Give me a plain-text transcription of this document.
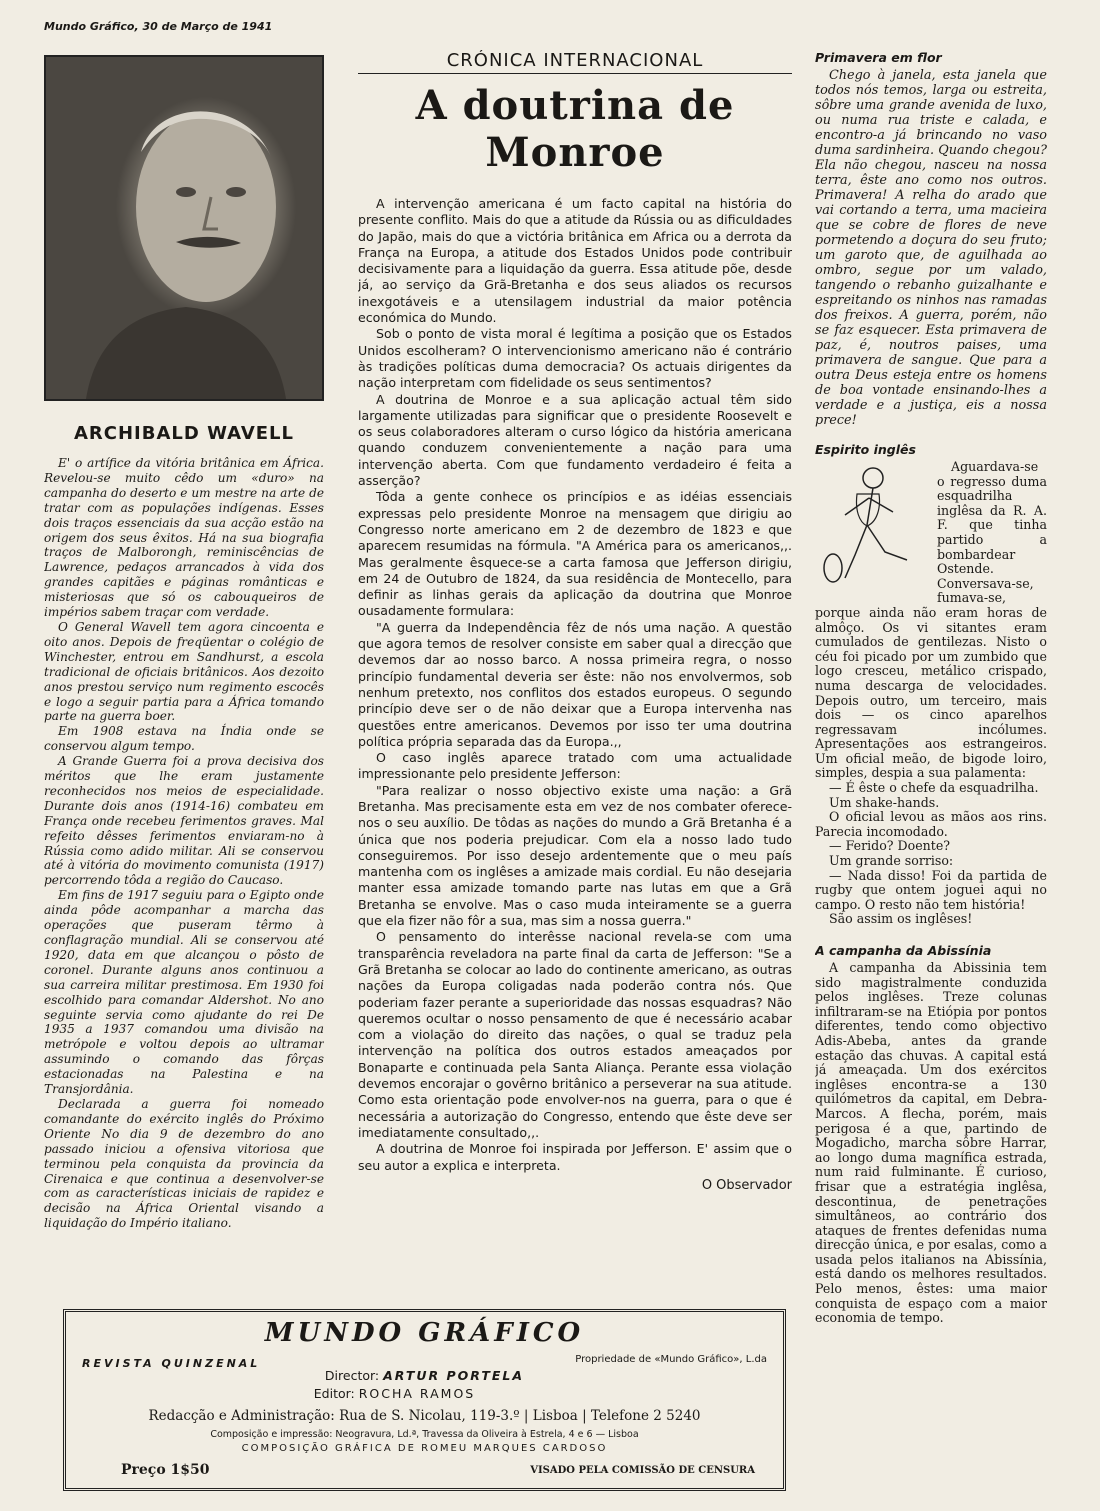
Mundo Gráfico, 30 de Março de 1941
ARCHIBALD WAVELL

E' o artífice da vitória britânica em África. Revelou-se muito cêdo um «duro» na campanha do deserto e um mestre na arte de tratar com as populações indígenas. Esses dois traços essenciais da sua acção estão na origem dos seus êxitos. Há na sua biografia traços de Malborongh, reminiscências de Lawrence, pedaços arrancados à vida dos grandes capitães e páginas românticas e misteriosas que só os cabouqueiros de impérios sabem traçar com verdade.

O General Wavell tem agora cincoenta e oito anos. Depois de freqüentar o colégio de Winchester, entrou em Sandhurst, a escola tradicional de oficiais britânicos. Aos dezoito anos prestou serviço num regimento escocês e logo a seguir partia para a África tomando parte na guerra boer.

Em 1908 estava na Índia onde se conservou algum tempo.

A Grande Guerra foi a prova decisiva dos méritos que lhe eram justamente reconhecidos nos meios de especialidade. Durante dois anos (1914-16) combateu em França onde recebeu ferimentos graves. Mal refeito dêsses ferimentos enviaram-no à Rússia como adido militar. Ali se conservou até à vitória do movimento comunista (1917) percorrendo tôda a região do Caucaso.

Em fins de 1917 seguiu para o Egipto onde ainda pôde acompanhar a marcha das operações que puseram têrmo à conflagração mundial. Ali se conservou até 1920, data em que alcançou o pôsto de coronel. Durante alguns anos continuou a sua carreira militar prestimosa. Em 1930 foi escolhido para comandar Aldershot. No ano seguinte servia como ajudante do rei De 1935 a 1937 comandou uma divisão na metrópole e voltou depois ao ultramar assumindo o comando das fôrças estacionadas na Palestina e na Transjordânia.

Declarada a guerra foi nomeado comandante do exército inglês do Próximo Oriente No dia 9 de dezembro do ano passado iniciou a ofensiva vitoriosa que terminou pela conquista da provincia da Cirenaica e que continua a desenvolver-se com as características iniciais de rapidez e decisão na África Oriental visando a liquidação do Império italiano.

CRÓNICA INTERNACIONAL
A doutrina de Monroe

A intervenção americana é um facto capital na história do presente conflito. Mais do que a atitude da Rússia ou as dificuldades do Japão, mais do que a victória britânica em Africa ou a derrota da França na Europa, a atitude dos Estados Unidos pode contribuir decisivamente para a liquidação da guerra. Essa atitude põe, desde já, ao serviço da Grã-Bretanha e dos seus aliados os recursos inexgotáveis e a utensilagem industrial da maior potência económica do Mundo.

Sob o ponto de vista moral é legítima a posição que os Estados Unidos escolheram? O intervencionismo americano não é contrário às tradições políticas duma democracia? Os actuais dirigentes da nação interpretam com fidelidade os seus sentimentos?

A doutrina de Monroe e a sua aplicação actual têm sido largamente utilizadas para significar que o presidente Roosevelt e os seus colaboradores alteram o curso lógico da história americana quando conduzem convenientemente a nação para uma intervenção aberta. Com que fundamento verdadeiro é feita a asserção?

Tôda a gente conhece os princípios e as idéias essenciais expressas pelo presidente Monroe na mensagem que dirigiu ao Congresso norte americano em 2 de dezembro de 1823 e que aparecem resumidas na fórmula. "A América para os americanos,,. Mas geralmente êsquece-se a carta famosa que Jefferson dirigiu, em 24 de Outubro de 1824, da sua residência de Montecello, para definir as linhas gerais da aplicação da doutrina que Monroe ousadamente formulara:

"A guerra da Independência fêz de nós uma nação. A questão que agora temos de resolver consiste em saber qual a direcção que devemos dar ao nosso barco. A nossa primeira regra, o nosso princípio fundamental deveria ser êste: não nos envolvermos, sob nenhum pretexto, nos conflitos dos estados europeus. O segundo princípio deve ser o de não deixar que a Europa intervenha nas questões entre americanos. Devemos por isso ter uma doutrina política própria separada das da Europa.,,

O caso inglês aparece tratado com uma actualidade impressionante pelo presidente Jefferson:

"Para realizar o nosso objectivo existe uma nação: a Grã Bretanha. Mas precisamente esta em vez de nos combater oferece-nos o seu auxílio. De tôdas as nações do mundo a Grã Bretanha é a única que nos poderia prejudicar. Com ela a nosso lado tudo conseguiremos. Por isso desejo ardentemente que o meu país mantenha com os inglêses a amizade mais cordial. Eu não desejaria manter essa amizade tomando parte nas lutas em que a Grã Bretanha se envolve. Mas o caso muda inteiramente se a guerra que ela fizer não fôr a sua, mas sim a nossa guerra."

O pensamento do interêsse nacional revela-se com uma transparência reveladora na parte final da carta de Jefferson: "Se a Grã Bretanha se colocar ao lado do continente americano, as outras nações da Europa coligadas nada poderão contra nós. Que poderiam fazer perante a superioridade das nossas esquadras? Não queremos ocultar o nosso pensamento de que é necessário acabar com a violação do direito das nações, o qual se traduz pela intervenção na política dos outros estados ameaçados por Bonaparte e continuada pela Santa Aliança. Perante essa violação devemos encorajar o govêrno britânico a perseverar na sua atitude. Como esta orientação pode envolver-nos na guerra, para o que é necessária a autorização do Congresso, entendo que êste deve ser imediatamente consultado,,.

A doutrina de Monroe foi inspirada por Jefferson. E' assim que o seu autor a explica e interpreta.

O Observador
Primavera em flor

Chego à janela, esta janela que todos nós temos, larga ou estreita, sôbre uma grande avenida de luxo, ou numa rua triste e calada, e encontro-a já brincando no vaso duma sardinheira. Quando chegou? Ela não chegou, nasceu na nossa terra, êste ano como nos outros. Primavera! A relha do arado que vai cortando a terra, uma macieira que se cobre de flores de neve pormetendo a doçura do seu fruto; um garoto que, de aguilhada ao ombro, segue por um valado, tangendo o rebanho guizalhante e espreitando os ninhos nas ramadas dos freixos. A guerra, porém, não se faz esquecer. Esta primavera de paz, é, noutros paises, uma primavera de sangue. Que para a outra Deus esteja entre os homens de boa vontade ensinando-lhes a verdade e a justiça, eis a nossa prece!

Espirito inglês

Aguardava-se o regresso duma esquadrilha inglêsa da R. A. F. que tinha partido a bombardear Ostende. Conversava-se, fumava-se, porque ainda não eram horas de almôço. Os vi sitantes eram cumulados de gentilezas. Nisto o céu foi picado por um zumbido que logo cresceu, metálico crispado, numa descarga de velocidades. Depois outro, um terceiro, mais dois — os cinco aparelhos regressavam incólumes. Apresentações aos estrangeiros. Um oficial meão, de bigode loiro, simples, despia a sua palamenta:

— É êste o chefe da esquadrilha.

Um shake-hands.

O oficial levou as mãos aos rins. Parecia incomodado.

— Ferido? Doente?

Um grande sorriso:

— Nada disso! Foi da partida de rugby que ontem joguei aqui no campo. O resto não tem história!

São assim os inglêses!

A campanha da Abissínia

A campanha da Abissinia tem sido magistralmente conduzida pelos inglêses. Treze colunas infiltraram-se na Etiópia por pontos diferentes, tendo como objectivo Adis-Abeba, antes da grande estação das chuvas. A capital está já ameaçada. Um dos exércitos inglêses encontra-se a 130 quilómetros da capital, em Debra-Marcos. A flecha, porém, mais perigosa é a que, partindo de Mogadicho, marcha sôbre Harrar, ao longo duma magnífica estrada, num raid fulminante. É curioso, frisar que a estratégia inglêsa, descontinua, de penetrações simultâneos, ao contrário dos ataques de frentes defenidas numa direcção única, e por esalas, como a usada pelos italianos na Abissínia, está dando os melhores resultados. Pelo menos, êstes: uma maior conquista de espaço com a maior economia de tempo.

MUNDO GRÁFICO
REVISTA QUINZENAL	Propriedade de «Mundo Gráfico», L.da
Director: ARTUR PORTELA
Editor: ROCHA RAMOS
Redacção e Administração: Rua de S. Nicolau, 119-3.º | Lisboa | Telefone 2 5240
Composição e impressão: Neogravura, Ld.ª, Travessa da Oliveira à Estrela, 4 e 6 — Lisboa
COMPOSIÇÃO GRÁFICA DE ROMEU MARQUES CARDOSO
Preço 1$50	VISADO PELA COMISSÃO DE CENSURA
